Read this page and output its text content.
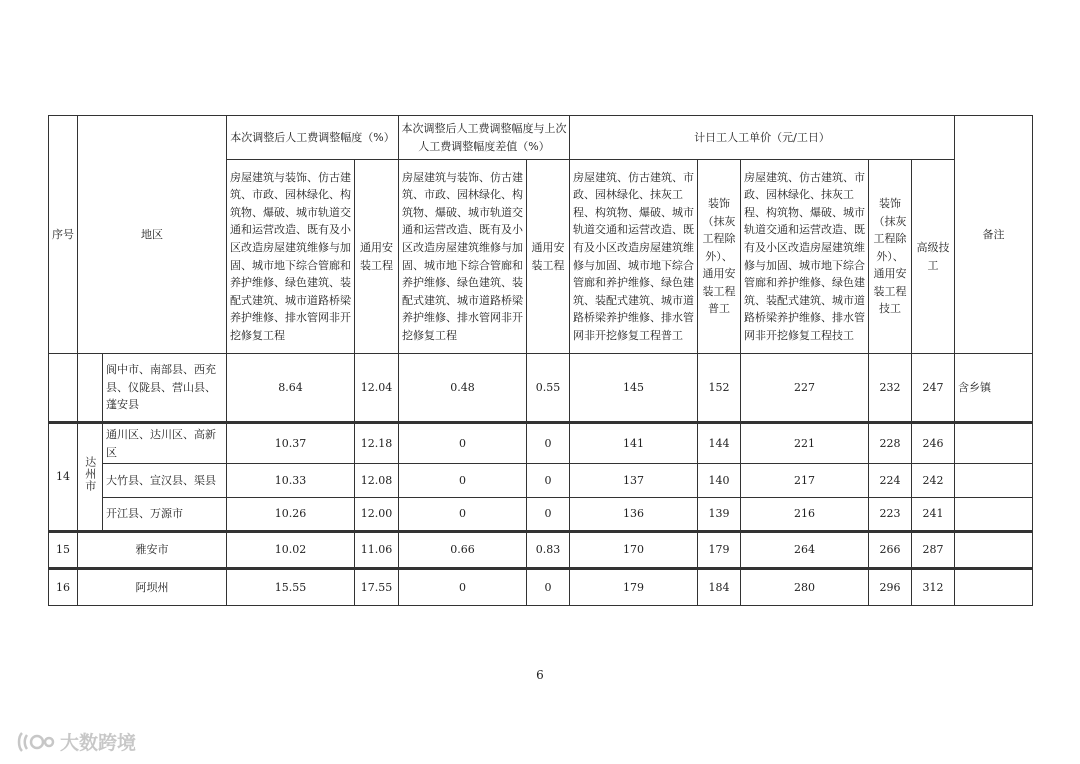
序号	地区		本次调整后人工费调整幅度（%）		本次调整后人工费调整幅度与上次人工费调整幅度差值（%）		计日工人工单价（元/工日）					备注
			房屋建筑与装饰、仿古建筑、市政、园林绿化、构筑物、爆破、城市轨道交通和运营改造、既有及小区改造房屋建筑维修与加固、城市地下综合管廊和养护维修、绿色建筑、装配式建筑、城市道路桥梁养护维修、排水管网非开挖修复工程	通用安装工程	房屋建筑与装饰、仿古建筑、市政、园林绿化、构筑物、爆破、城市轨道交通和运营改造、既有及小区改造房屋建筑维修与加固、城市地下综合管廊和养护维修、绿色建筑、装配式建筑、城市道路桥梁养护维修、排水管网非开挖修复工程	通用安装工程	房屋建筑、仿古建筑、市政、园林绿化、抹灰工程、构筑物、爆破、城市轨道交通和运营改造、既有及小区改造房屋建筑维修与加固、城市地下综合管廊和养护维修、绿色建筑、装配式建筑、城市道路桥梁养护维修、排水管网非开挖修复工程普工	装饰（抹灰工程除外）、通用安装工程普工	房屋建筑、仿古建筑、市政、园林绿化、抹灰工程、构筑物、爆破、城市轨道交通和运营改造、既有及小区改造房屋建筑维修与加固、城市地下综合管廊和养护维修、绿色建筑、装配式建筑、城市道路桥梁养护维修、排水管网非开挖修复工程技工	装饰（抹灰工程除外）、通用安装工程技工	高级技工	
		阆中市、南部县、西充县、仪陇县、营山县、蓬安县	8.64	12.04	0.48	0.55	145	152	227	232	247	含乡镇
14	达州市	通川区、达川区、高新区	10.37	12.18	0	0	141	144	221	228	246	
		大竹县、宣汉县、渠县	10.33	12.08	0	0	137	140	217	224	242	
		开江县、万源市	10.26	12.00	0	0	136	139	216	223	241	
15	雅安市		10.02	11.06	0.66	0.83	170	179	264	266	287	
16	阿坝州		15.55	17.55	0	0	179	184	280	296	312	
6
大数跨境
